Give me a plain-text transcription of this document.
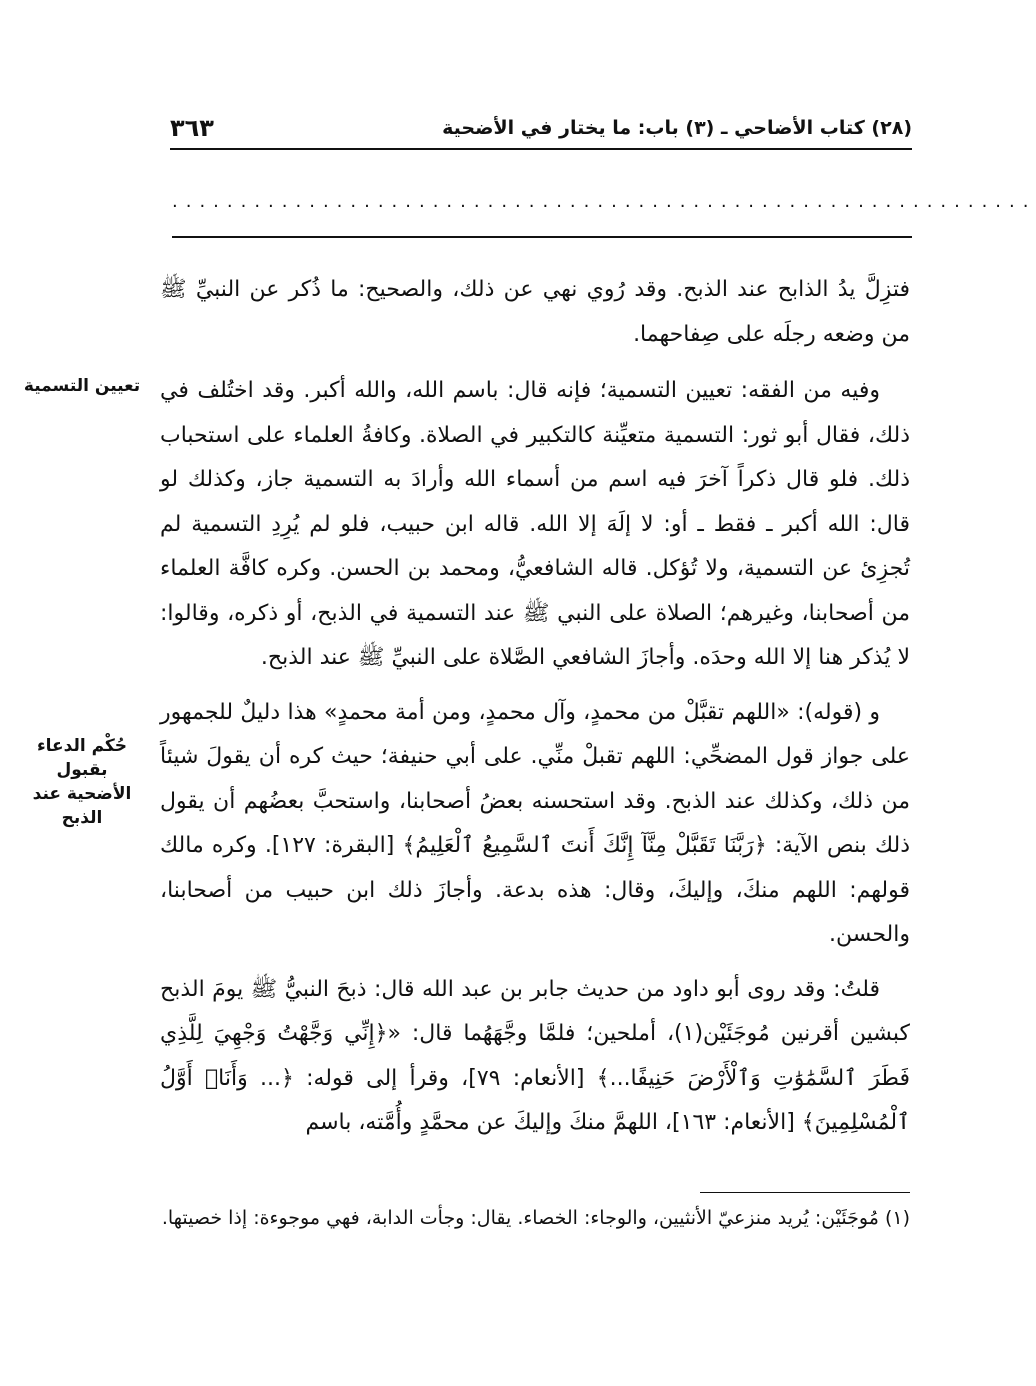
(٢٨) كتاب الأضاحي ـ (٣) باب: ما يختار في الأضحية
٣٦٣
...............................................................
تعيين التسمية
حُكْم الدعاء بقبول الأضحية عند الذبح

فتزِلَّ يدُ الذابح عند الذبح. وقد رُوي نهي عن ذلك، والصحيح: ما ذُكر عن النبيِّ ﷺ من وضعه رجلَه على صِفاحهما.

وفيه من الفقه: تعيين التسمية؛ فإنه قال: باسم الله، والله أكبر. وقد اختُلف في ذلك، فقال أبو ثور: التسمية متعيِّنة كالتكبير في الصلاة. وكافةُ العلماء على استحباب ذلك. فلو قال ذكراً آخرَ فيه اسم من أسماء الله وأرادَ به التسمية جاز، وكذلك لو قال: الله أكبر ـ فقط ـ أو: لا إلَهَ إلا الله. قاله ابن حبيب، فلو لم يُرِدِ التسمية لم تُجزِئ عن التسمية، ولا تُؤكل. قاله الشافعيُّ، ومحمد بن الحسن. وكره كافَّة العلماء من أصحابنا، وغيرهم؛ الصلاة على النبي ﷺ عند التسمية في الذبح، أو ذكره، وقالوا: لا يُذكر هنا إلا الله وحدَه. وأجازَ الشافعي الصَّلاة على النبيِّ ﷺ عند الذبح.

و (قوله): «اللهم تقبَّلْ من محمدٍ، وآل محمدٍ، ومن أمة محمدٍ» هذا دليلٌ للجمهور على جواز قول المضحِّي: اللهم تقبلْ منِّي. على أبي حنيفة؛ حيث كره أن يقولَ شيئاً من ذلك، وكذلك عند الذبح. وقد استحسنه بعضُ أصحابنا، واستحبَّ بعضُهم أن يقول ذلك بنص الآية: ﴿رَبَّنَا تَقَبَّلْ مِنَّآ إِنَّكَ أَنتَ ٱلسَّمِيعُ ٱلْعَلِيمُ﴾ [البقرة: ١٢٧]. وكره مالك قولهم: اللهم منكَ، وإليكَ، وقال: هذه بدعة. وأجازَ ذلك ابن حبيب من أصحابنا، والحسن.

قلتُ: وقد روى أبو داود من حديث جابر بن عبد الله قال: ذبحَ النبيُّ ﷺ يومَ الذبح كبشين أقرنين مُوجَئَيْن(١)، أملحين؛ فلمَّا وجَّهَهُما قال: «﴿إِنِّي وَجَّهْتُ وَجْهِيَ لِلَّذِي فَطَرَ ٱلسَّمَٰوَٰتِ وَٱلْأَرْضَ حَنِيفًا...﴾ [الأنعام: ٧٩]، وقرأ إلى قوله: ﴿... وَأَنَا۠ أَوَّلُ ٱلْمُسْلِمِينَ﴾ [الأنعام: ١٦٣]، اللهمَّ منكَ وإليكَ عن محمَّدٍ وأُمَّته، باسم

(١) مُوجَئَيْن: يُريد منزعيّ الأنثيين، والوجاء: الخصاء. يقال: وجأت الدابة، فهي موجوءة: إذا خصيتها.
